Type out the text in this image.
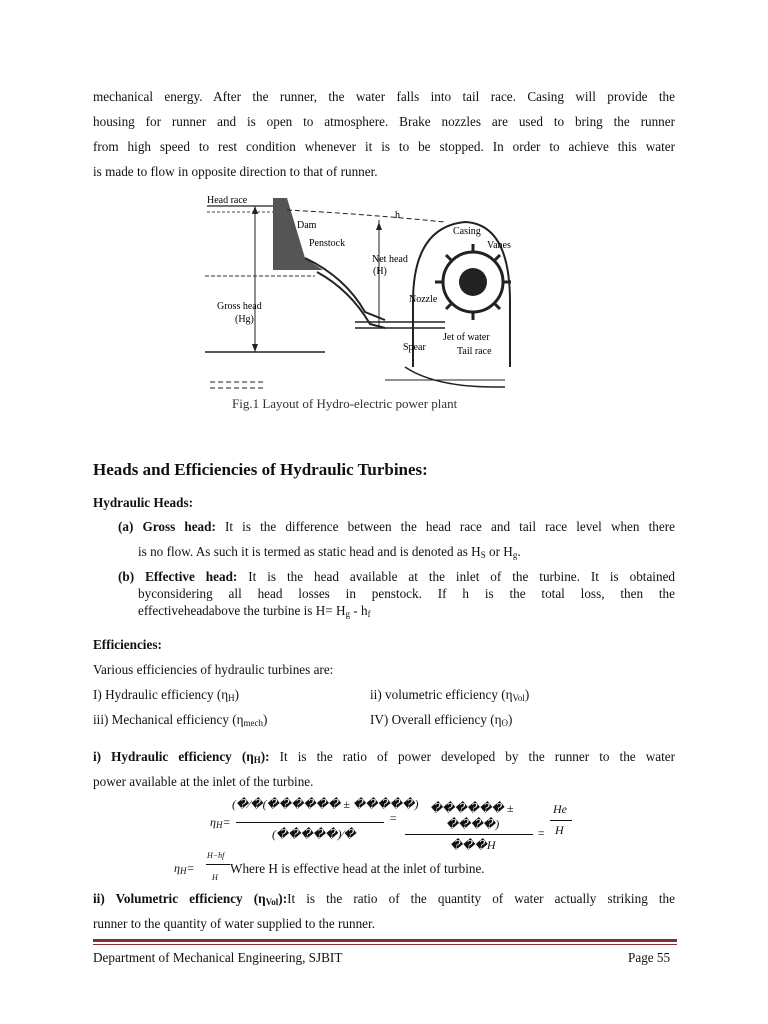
mechanical energy. After the runner, the water falls into tail race. Casing will provide the
housing for runner and is open to atmosphere. Brake nozzles are used to bring the runner
from high speed to rest condition whenever it is to be stopped. In order to achieve this water
is made to flow in opposite direction to that of runner.
Head race
h
Dam
Casing
Vanes
Penstock
Net head
(H)
Gross head
(Hg)
Nozzle
Jet of water
Spear	Tail race
Fig.1 Layout of Hydro-electric power plant
Heads and Efficiencies of Hydraulic Turbines:
Hydraulic Heads:
(a) Gross head: It is the difference between the head race and tail race level when there
is no flow. As such it is termed as static head and is denoted as $H_S$ or $H_g$.
(b) Effective head: It is the head available at the inlet of the turbine. It is obtained
byconsidering all head losses in penstock. If h is the total loss, then the
effectiveheadabove the turbine is $H= H_g - h_f$
Efficiencies:
Various efficiencies of hydraulic turbines are:
I) Hydraulic efficiency $(\eta_H)$	ii) volumetric efficiency $(\eta_{Vol})$
iii) Mechanical efficiency $(\eta_{mech})$	IV) Overall efficiency $(\eta_O)$
i) Hydraulic efficiency $(\eta_H)$: It is the ratio of power developed by the runner to the water
power available at the inlet of the turbine.
$\eta_H=$
(�⁄�(������ ± �����)
(�����)⁄�
=
������ ±
����)
���H
=
He
H
$\eta_H=$
H−hf
H
Where H is effective head at the inlet of turbine.
ii) Volumetric efficiency $(\eta_{Vol}):It$ is the ratio of the quantity of water actually striking the
runner to the quantity of water supplied to the runner.
Department of Mechanical Engineering, SJBIT	Page 55
